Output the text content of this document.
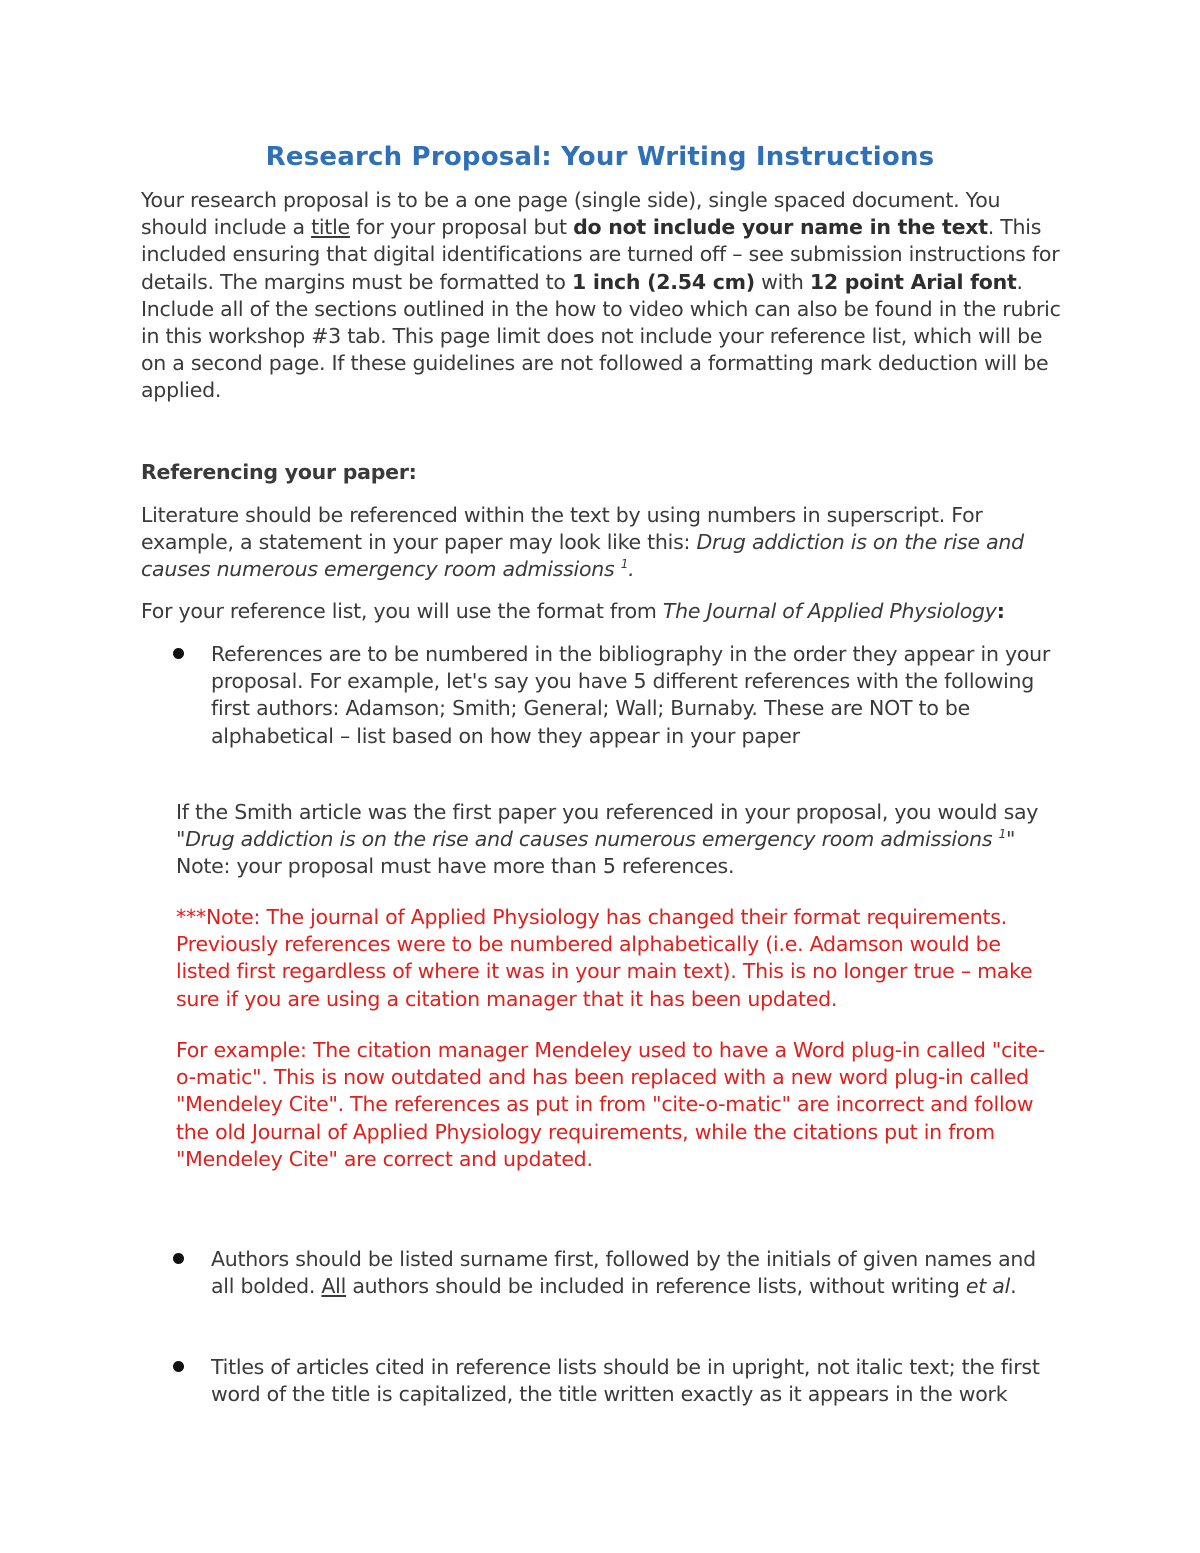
Research Proposal: Your Writing Instructions
Your research proposal is to be a one page (single side), single spaced document. You should include a title for your proposal but do not include your name in the text. This included ensuring that digital identifications are turned off – see submission instructions for details. The margins must be formatted to 1 inch (2.54 cm) with 12 point Arial font. Include all of the sections outlined in the how to video which can also be found in the rubric in this workshop #3 tab. This page limit does not include your reference list, which will be on a second page. If these guidelines are not followed a formatting mark deduction will be applied.
Referencing your paper:
Literature should be referenced within the text by using numbers in superscript. For example, a statement in your paper may look like this: Drug addiction is on the rise and causes numerous emergency room admissions $^1$.
For your reference list, you will use the format from The Journal of Applied Physiology:
References are to be numbered in the bibliography in the order they appear in your proposal. For example, let's say you have 5 different references with the following first authors: Adamson; Smith; General; Wall; Burnaby. These are NOT to be alphabetical – list based on how they appear in your paper
If the Smith article was the first paper you referenced in your proposal, you would say "Drug addiction is on the rise and causes numerous emergency room admissions $^1$" Note: your proposal must have more than 5 references.
***Note: The journal of Applied Physiology has changed their format requirements. Previously references were to be numbered alphabetically (i.e. Adamson would be listed first regardless of where it was in your main text). This is no longer true – make sure if you are using a citation manager that it has been updated.
For example: The citation manager Mendeley used to have a Word plug-in called "cite-o-matic". This is now outdated and has been replaced with a new word plug-in called "Mendeley Cite". The references as put in from "cite-o-matic" are incorrect and follow the old Journal of Applied Physiology requirements, while the citations put in from "Mendeley Cite" are correct and updated.
Authors should be listed surname first, followed by the initials of given names and all bolded. All authors should be included in reference lists, without writing et al.
Titles of articles cited in reference lists should be in upright, not italic text; the first word of the title is capitalized, the title written exactly as it appears in the work
